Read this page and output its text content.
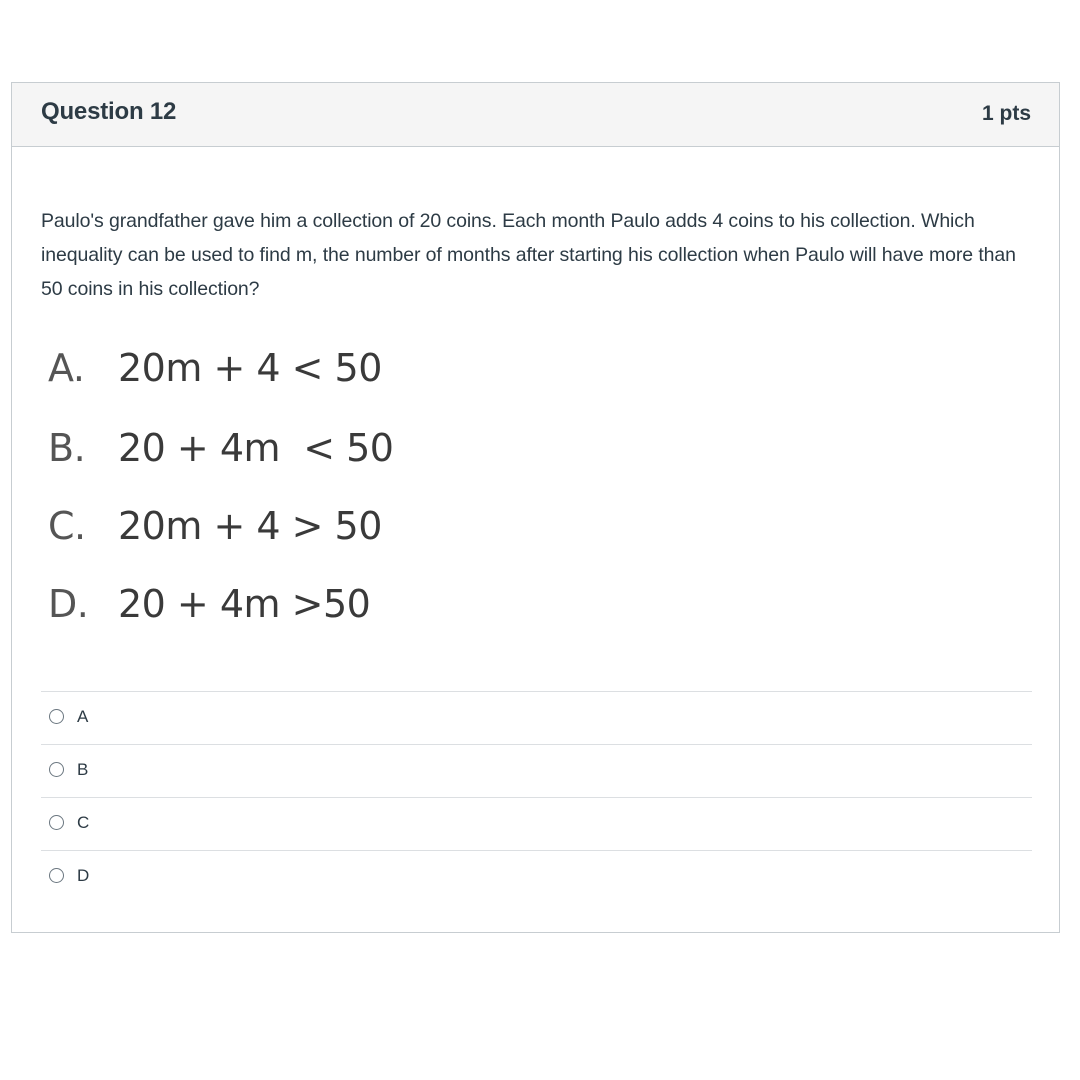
Question 12	1 pts
Paulo's grandfather gave him a collection of 20 coins. Each month Paulo adds 4 coins to his collection. Which inequality can be used to find m, the number of months after starting his collection when Paulo will have more than 50 coins in his collection?
A. 20m + 4 < 50
B. 20 + 4m  < 50
C. 20m + 4 > 50
D. 20 + 4m >50
A
B
C
D
